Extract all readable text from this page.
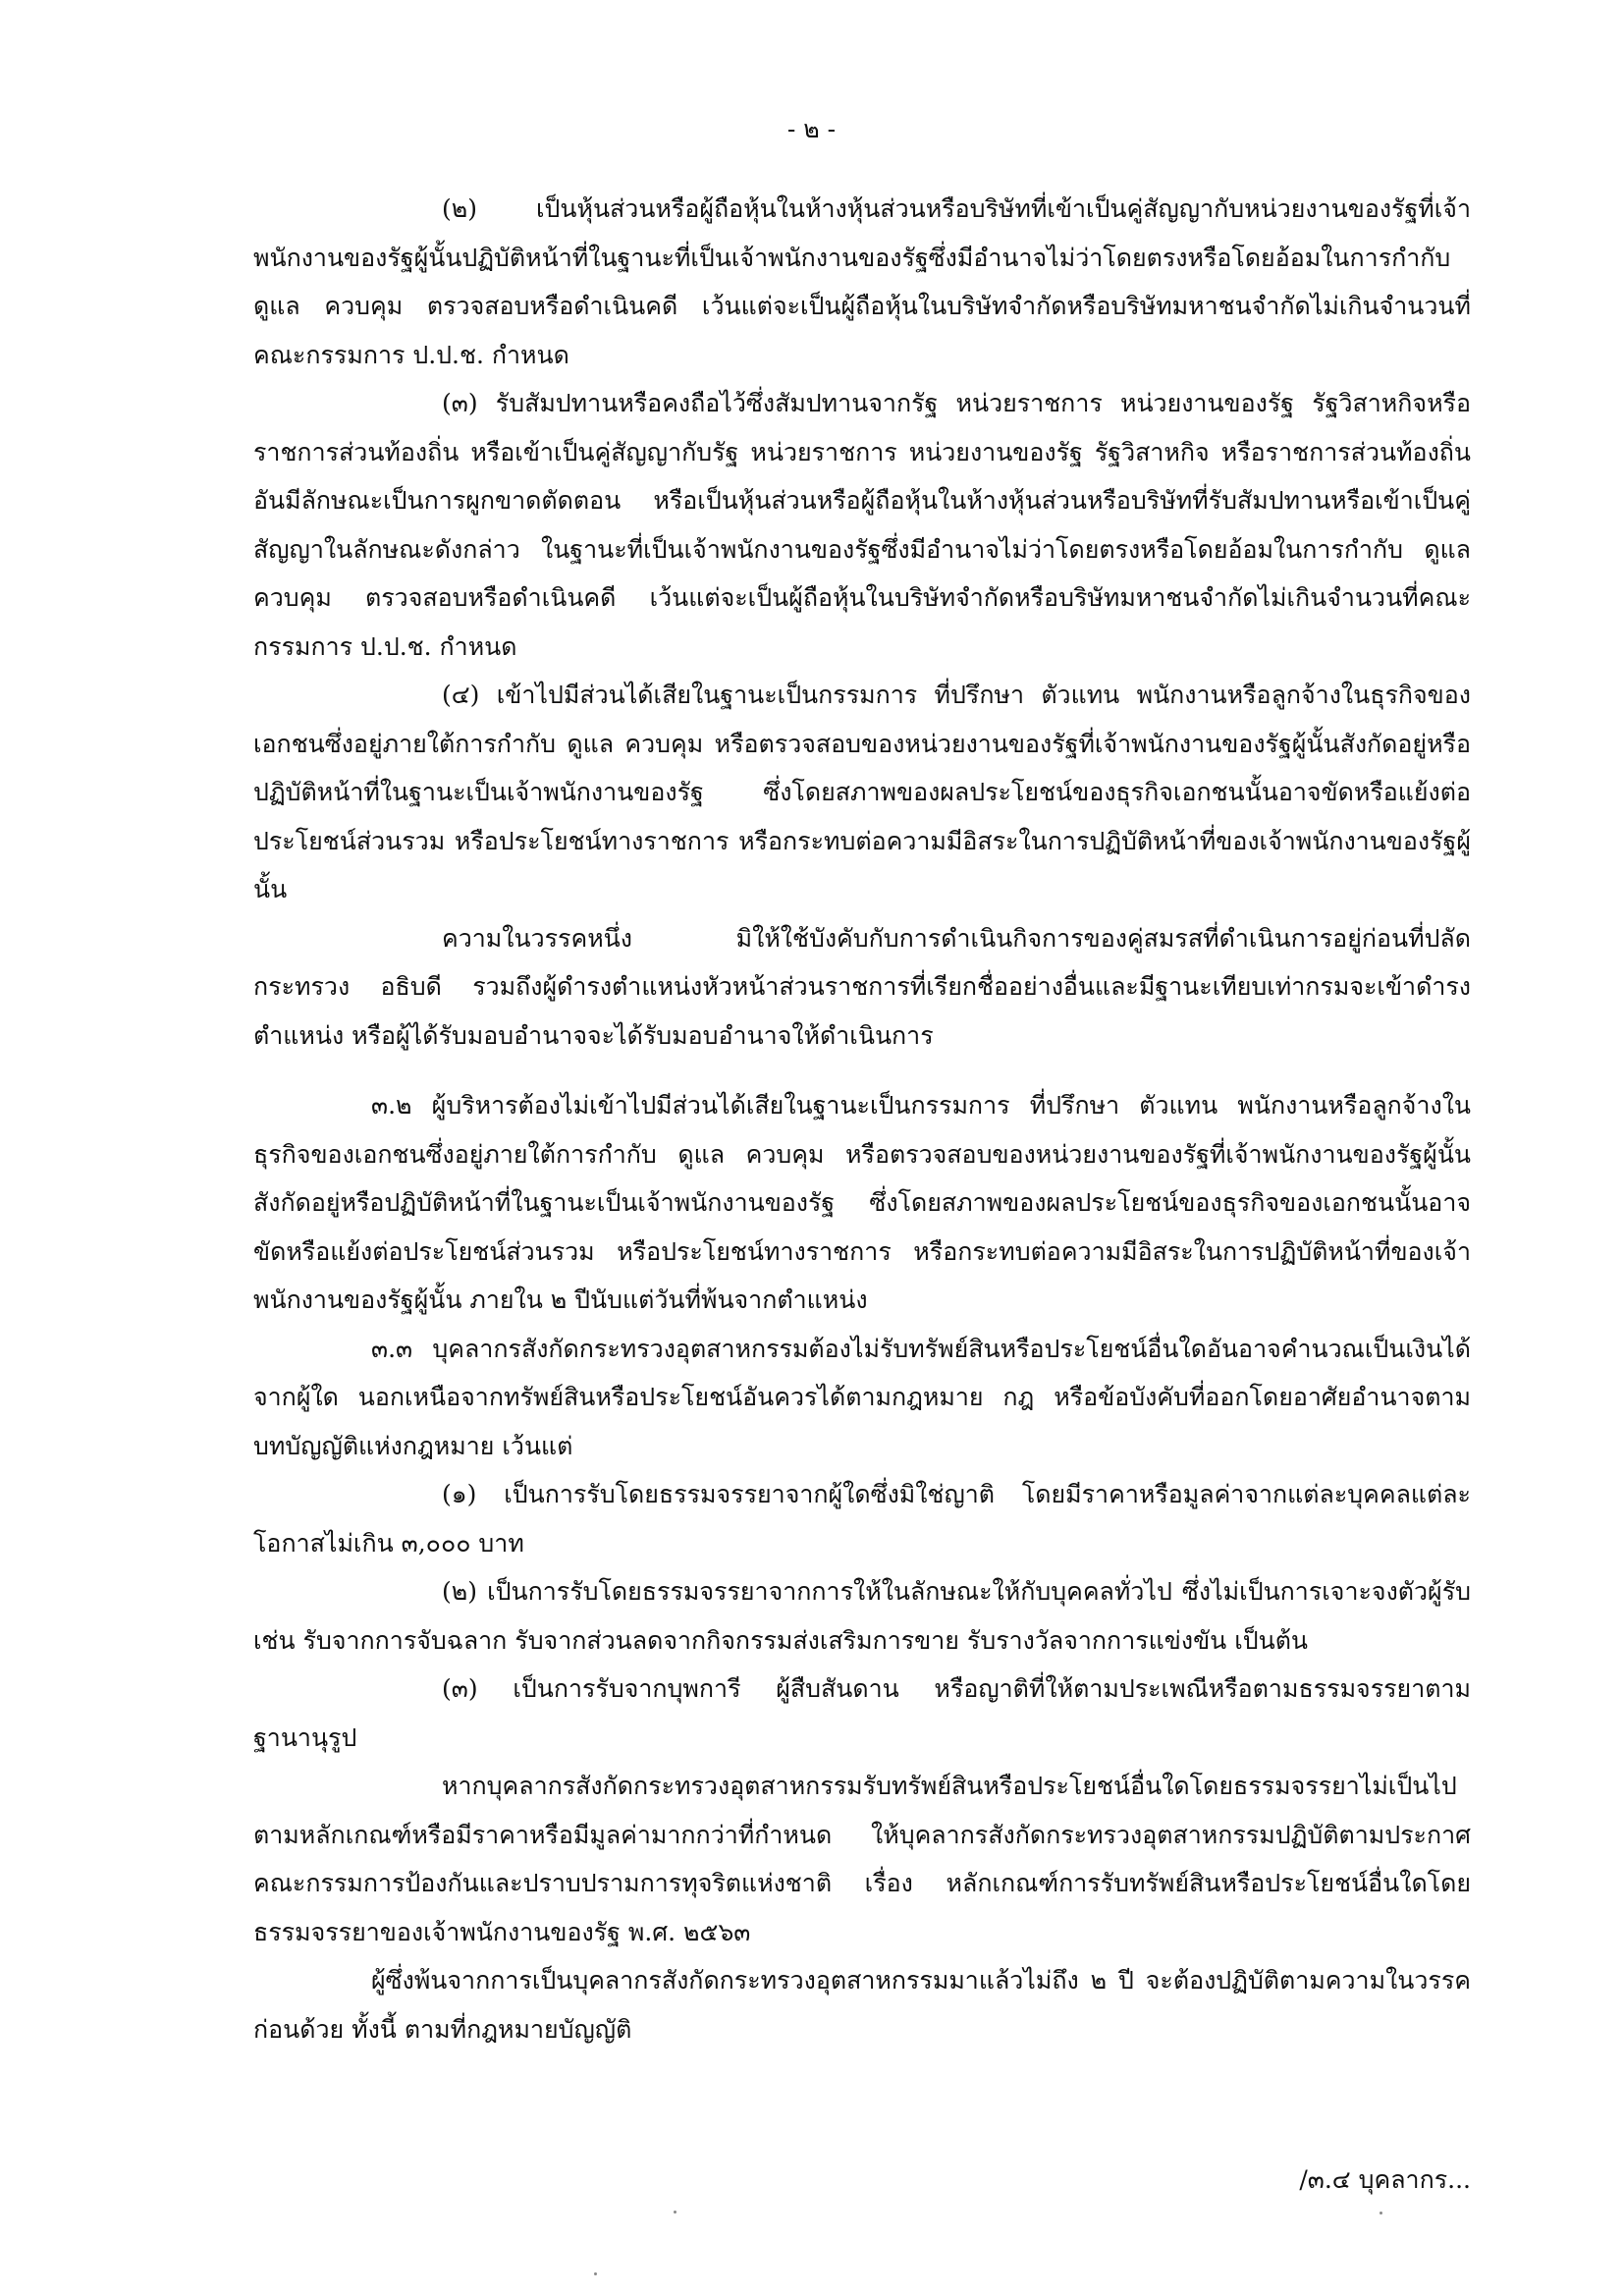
- ๒ -

(๒) เป็นหุ้นส่วนหรือผู้ถือหุ้นในห้างหุ้นส่วนหรือบริษัทที่เข้าเป็นคู่สัญญากับหน่วยงานของรัฐที่เจ้าพนักงานของรัฐผู้นั้นปฏิบัติหน้าที่ในฐานะที่เป็นเจ้าพนักงานของรัฐซึ่งมีอำนาจไม่ว่าโดยตรงหรือโดยอ้อมในการกำกับ ดูแล ควบคุม ตรวจสอบหรือดำเนินคดี เว้นแต่จะเป็นผู้ถือหุ้นในบริษัทจำกัดหรือบริษัทมหาชนจำกัดไม่เกินจำนวนที่คณะกรรมการ ป.ป.ช. กำหนด

(๓) รับสัมปทานหรือคงถือไว้ซึ่งสัมปทานจากรัฐ หน่วยราชการ หน่วยงานของรัฐ รัฐวิสาหกิจหรือราชการส่วนท้องถิ่น หรือเข้าเป็นคู่สัญญากับรัฐ หน่วยราชการ หน่วยงานของรัฐ รัฐวิสาหกิจ หรือราชการส่วนท้องถิ่น อันมีลักษณะเป็นการผูกขาดตัดตอน หรือเป็นหุ้นส่วนหรือผู้ถือหุ้นในห้างหุ้นส่วนหรือบริษัทที่รับสัมปทานหรือเข้าเป็นคู่สัญญาในลักษณะดังกล่าว ในฐานะที่เป็นเจ้าพนักงานของรัฐซึ่งมีอำนาจไม่ว่าโดยตรงหรือโดยอ้อมในการกำกับ ดูแล ควบคุม ตรวจสอบหรือดำเนินคดี เว้นแต่จะเป็นผู้ถือหุ้นในบริษัทจำกัดหรือบริษัทมหาชนจำกัดไม่เกินจำนวนที่คณะกรรมการ ป.ป.ช. กำหนด

(๔) เข้าไปมีส่วนได้เสียในฐานะเป็นกรรมการ ที่ปรึกษา ตัวแทน พนักงานหรือลูกจ้างในธุรกิจของเอกชนซึ่งอยู่ภายใต้การกำกับ ดูแล ควบคุม หรือตรวจสอบของหน่วยงานของรัฐที่เจ้าพนักงานของรัฐผู้นั้นสังกัดอยู่หรือปฏิบัติหน้าที่ในฐานะเป็นเจ้าพนักงานของรัฐ ซึ่งโดยสภาพของผลประโยชน์ของธุรกิจเอกชนนั้นอาจขัดหรือแย้งต่อประโยชน์ส่วนรวม หรือประโยชน์ทางราชการ หรือกระทบต่อความมีอิสระในการปฏิบัติหน้าที่ของเจ้าพนักงานของรัฐผู้นั้น

ความในวรรคหนึ่ง มิให้ใช้บังคับกับการดำเนินกิจการของคู่สมรสที่ดำเนินการอยู่ก่อนที่ปลัดกระทรวง อธิบดี รวมถึงผู้ดำรงตำแหน่งหัวหน้าส่วนราชการที่เรียกชื่ออย่างอื่นและมีฐานะเทียบเท่ากรมจะเข้าดำรงตำแหน่ง หรือผู้ได้รับมอบอำนาจจะได้รับมอบอำนาจให้ดำเนินการ

๓.๒ ผู้บริหารต้องไม่เข้าไปมีส่วนได้เสียในฐานะเป็นกรรมการ ที่ปรึกษา ตัวแทน พนักงานหรือลูกจ้างในธุรกิจของเอกชนซึ่งอยู่ภายใต้การกำกับ ดูแล ควบคุม หรือตรวจสอบของหน่วยงานของรัฐที่เจ้าพนักงานของรัฐผู้นั้นสังกัดอยู่หรือปฏิบัติหน้าที่ในฐานะเป็นเจ้าพนักงานของรัฐ ซึ่งโดยสภาพของผลประโยชน์ของธุรกิจของเอกชนนั้นอาจขัดหรือแย้งต่อประโยชน์ส่วนรวม หรือประโยชน์ทางราชการ หรือกระทบต่อความมีอิสระในการปฏิบัติหน้าที่ของเจ้าพนักงานของรัฐผู้นั้น ภายใน ๒ ปีนับแต่วันที่พ้นจากตำแหน่ง

๓.๓ บุคลากรสังกัดกระทรวงอุตสาหกรรมต้องไม่รับทรัพย์สินหรือประโยชน์อื่นใดอันอาจคำนวณเป็นเงินได้จากผู้ใด นอกเหนือจากทรัพย์สินหรือประโยชน์อันควรได้ตามกฎหมาย กฎ หรือข้อบังคับที่ออกโดยอาศัยอำนาจตามบทบัญญัติแห่งกฎหมาย เว้นแต่

(๑) เป็นการรับโดยธรรมจรรยาจากผู้ใดซึ่งมิใช่ญาติ โดยมีราคาหรือมูลค่าจากแต่ละบุคคลแต่ละโอกาสไม่เกิน ๓,๐๐๐ บาท

(๒) เป็นการรับโดยธรรมจรรยาจากการให้ในลักษณะให้กับบุคคลทั่วไป ซึ่งไม่เป็นการเจาะจงตัวผู้รับ เช่น รับจากการจับฉลาก รับจากส่วนลดจากกิจกรรมส่งเสริมการขาย รับรางวัลจากการแข่งขัน เป็นต้น

(๓) เป็นการรับจากบุพการี ผู้สืบสันดาน หรือญาติที่ให้ตามประเพณีหรือตามธรรมจรรยาตามฐานานุรูป

หากบุคลากรสังกัดกระทรวงอุตสาหกรรมรับทรัพย์สินหรือประโยชน์อื่นใดโดยธรรมจรรยาไม่เป็นไปตามหลักเกณฑ์หรือมีราคาหรือมีมูลค่ามากกว่าที่กำหนด ให้บุคลากรสังกัดกระทรวงอุตสาหกรรมปฏิบัติตามประกาศคณะกรรมการป้องกันและปราบปรามการทุจริตแห่งชาติ เรื่อง หลักเกณฑ์การรับทรัพย์สินหรือประโยชน์อื่นใดโดยธรรมจรรยาของเจ้าพนักงานของรัฐ พ.ศ. ๒๕๖๓

ผู้ซึ่งพ้นจากการเป็นบุคลากรสังกัดกระทรวงอุตสาหกรรมมาแล้วไม่ถึง ๒ ปี จะต้องปฏิบัติตามความในวรรคก่อนด้วย ทั้งนี้ ตามที่กฎหมายบัญญัติ

/๓.๔ บุคลากร...
